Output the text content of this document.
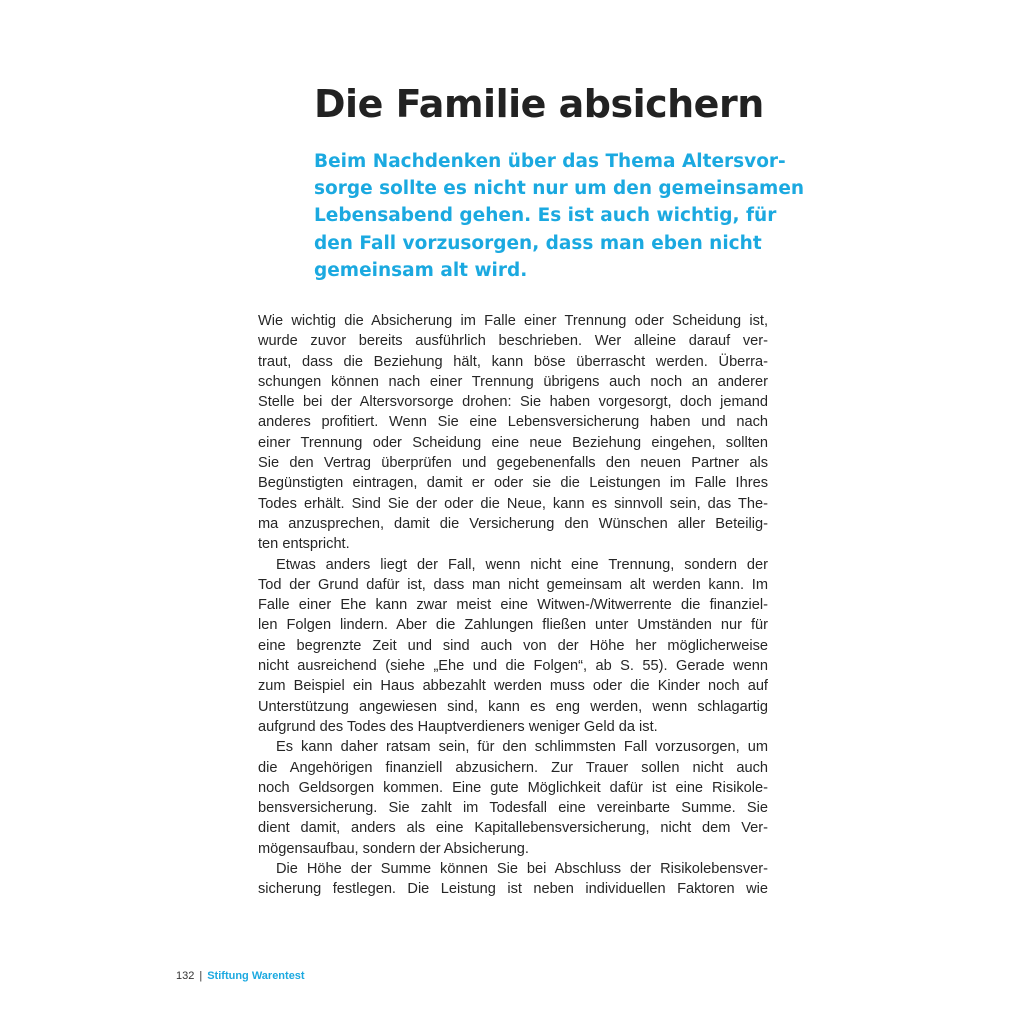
Die Familie absichern
Beim Nachdenken über das Thema Altersvor-
sorge sollte es nicht nur um den gemeinsamen
Lebensabend gehen. Es ist auch wichtig, für
den Fall vorzusorgen, dass man eben nicht
gemeinsam alt wird.
Wie wichtig die Absicherung im Falle einer Trennung oder Scheidung ist,
wurde zuvor bereits ausführlich beschrieben. Wer alleine darauf ver-
traut, dass die Beziehung hält, kann böse überrascht werden. Überra-
schungen können nach einer Trennung übrigens auch noch an anderer
Stelle bei der Altersvorsorge drohen: Sie haben vorgesorgt, doch jemand
anderes profitiert. Wenn Sie eine Lebensversicherung haben und nach
einer Trennung oder Scheidung eine neue Beziehung eingehen, sollten
Sie den Vertrag überprüfen und gegebenenfalls den neuen Partner als
Begünstigten eintragen, damit er oder sie die Leistungen im Falle Ihres
Todes erhält. Sind Sie der oder die Neue, kann es sinnvoll sein, das The-
ma anzusprechen, damit die Versicherung den Wünschen aller Beteilig-
ten entspricht.
Etwas anders liegt der Fall, wenn nicht eine Trennung, sondern der
Tod der Grund dafür ist, dass man nicht gemeinsam alt werden kann. Im
Falle einer Ehe kann zwar meist eine Witwen-/Witwerrente die finanziel-
len Folgen lindern. Aber die Zahlungen fließen unter Umständen nur für
eine begrenzte Zeit und sind auch von der Höhe her möglicherweise
nicht ausreichend (siehe „Ehe und die Folgen“, ab S. 55). Gerade wenn
zum Beispiel ein Haus abbezahlt werden muss oder die Kinder noch auf
Unterstützung angewiesen sind, kann es eng werden, wenn schlagartig
aufgrund des Todes des Hauptverdieners weniger Geld da ist.
Es kann daher ratsam sein, für den schlimmsten Fall vorzusorgen, um
die Angehörigen finanziell abzusichern. Zur Trauer sollen nicht auch
noch Geldsorgen kommen. Eine gute Möglichkeit dafür ist eine Risikole-
bensversicherung. Sie zahlt im Todesfall eine vereinbarte Summe. Sie
dient damit, anders als eine Kapitallebensversicherung, nicht dem Ver-
mögensaufbau, sondern der Absicherung.
Die Höhe der Summe können Sie bei Abschluss der Risikolebensver-
sicherung festlegen. Die Leistung ist neben individuellen Faktoren wie
132 | Stiftung Warentest
